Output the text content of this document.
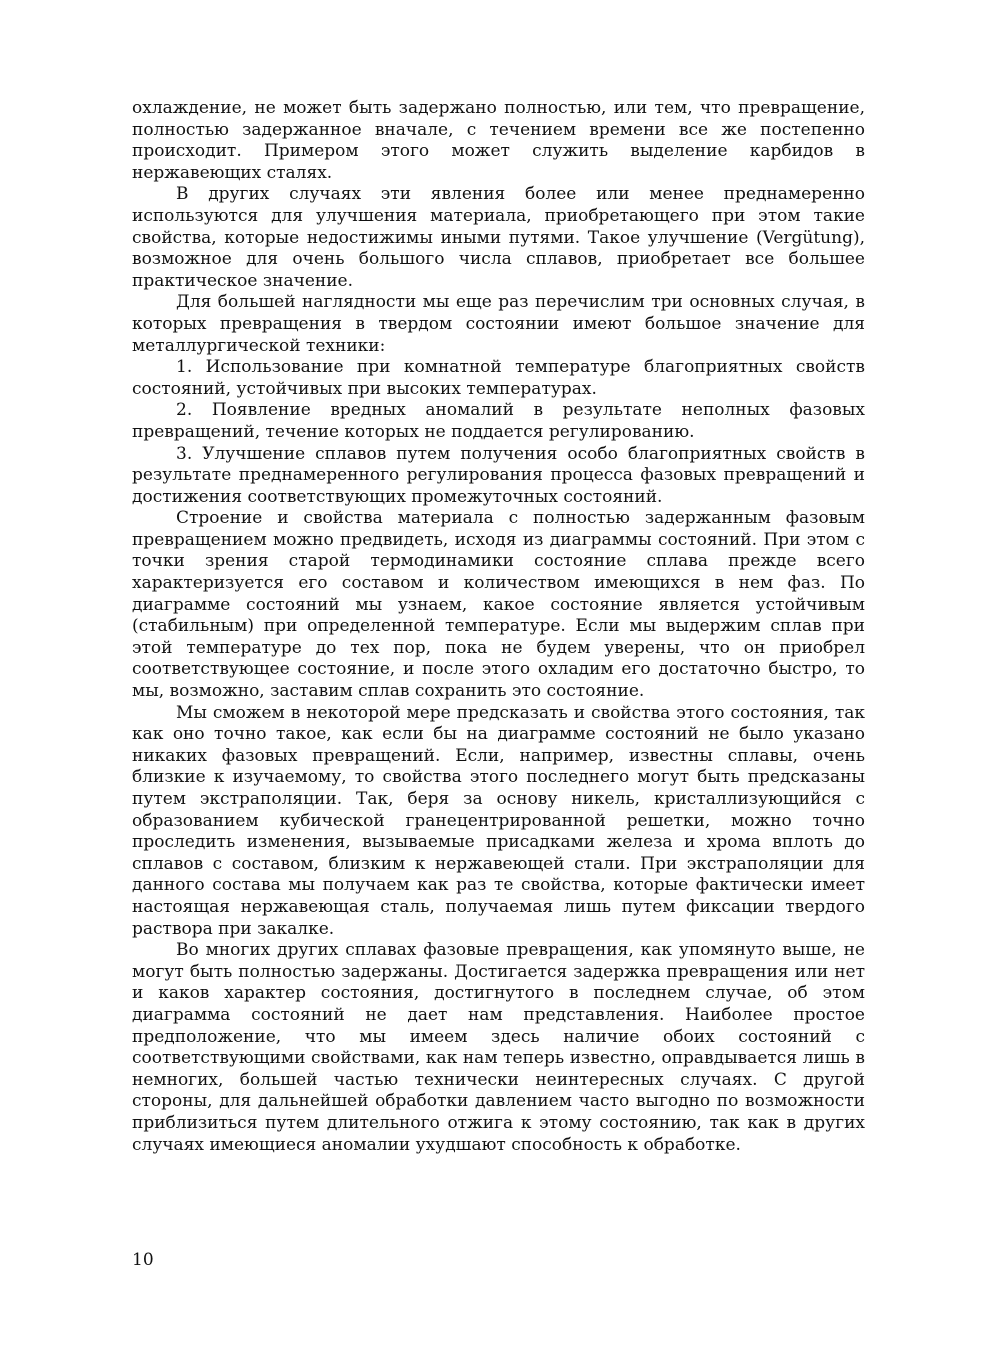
охлаждение, не может быть задержано полностью, или тем, что превращение, полностью задержанное вначале, с течением времени все же постепенно происходит. Примером этого может служить выделение карбидов в нержавеющих сталях.

В других случаях эти явления более или менее преднамеренно используются для улучшения материала, приобретающего при этом такие свойства, которые недостижимы иными путями. Такое улучшение (Vergütung), возможное для очень большого числа сплавов, приобретает все большее практическое значение.

Для большей наглядности мы еще раз перечислим три основных случая, в которых превращения в твердом состоянии имеют большое значение для металлургической техники:

1. Использование при комнатной температуре благоприятных свойств состояний, устойчивых при высоких температурах.

2. Появление вредных аномалий в результате неполных фазовых превращений, течение которых не поддается регулированию.

3. Улучшение сплавов путем получения особо благоприятных свойств в результате преднамеренного регулирования процесса фазовых превращений и достижения соответствующих промежуточных состояний.

Строение и свойства материала с полностью задержанным фазовым превращением можно предвидеть, исходя из диаграммы состояний. При этом с точки зрения старой термодинамики состояние сплава прежде всего характеризуется его составом и количеством имеющихся в нем фаз. По диаграмме состояний мы узнаем, какое состояние является устойчивым (стабильным) при определенной температуре. Если мы выдержим сплав при этой температуре до тех пор, пока не будем уверены, что он приобрел соответствующее состояние, и после этого охладим его достаточно быстро, то мы, возможно, заставим сплав сохранить это состояние.

Мы сможем в некоторой мере предсказать и свойства этого состояния, так как оно точно такое, как если бы на диаграмме состояний не было указано никаких фазовых превращений. Если, например, известны сплавы, очень близкие к изучаемому, то свойства этого последнего могут быть предсказаны путем экстраполяции. Так, беря за основу никель, кристаллизующийся с образованием кубической гранецентрированной решетки, можно точно проследить изменения, вызываемые присадками железа и хрома вплоть до сплавов с составом, близким к нержавеющей стали. При экстраполяции для данного состава мы получаем как раз те свойства, которые фактически имеет настоящая нержавеющая сталь, получаемая лишь путем фиксации твердого раствора при закалке.

Во многих других сплавах фазовые превращения, как упомянуто выше, не могут быть полностью задержаны. Достигается задержка превращения или нет и каков характер состояния, достигнутого в последнем случае, об этом диаграмма состояний не дает нам представления. Наиболее простое предположение, что мы имеем здесь наличие обоих состояний с соответствующими свойствами, как нам теперь известно, оправдывается лишь в немногих, большей частью технически неинтересных случаях. С другой стороны, для дальнейшей обработки давлением часто выгодно по возможности приблизиться путем длительного отжига к этому состоянию, так как в других случаях имеющиеся аномалии ухудшают способность к обработке.

10
